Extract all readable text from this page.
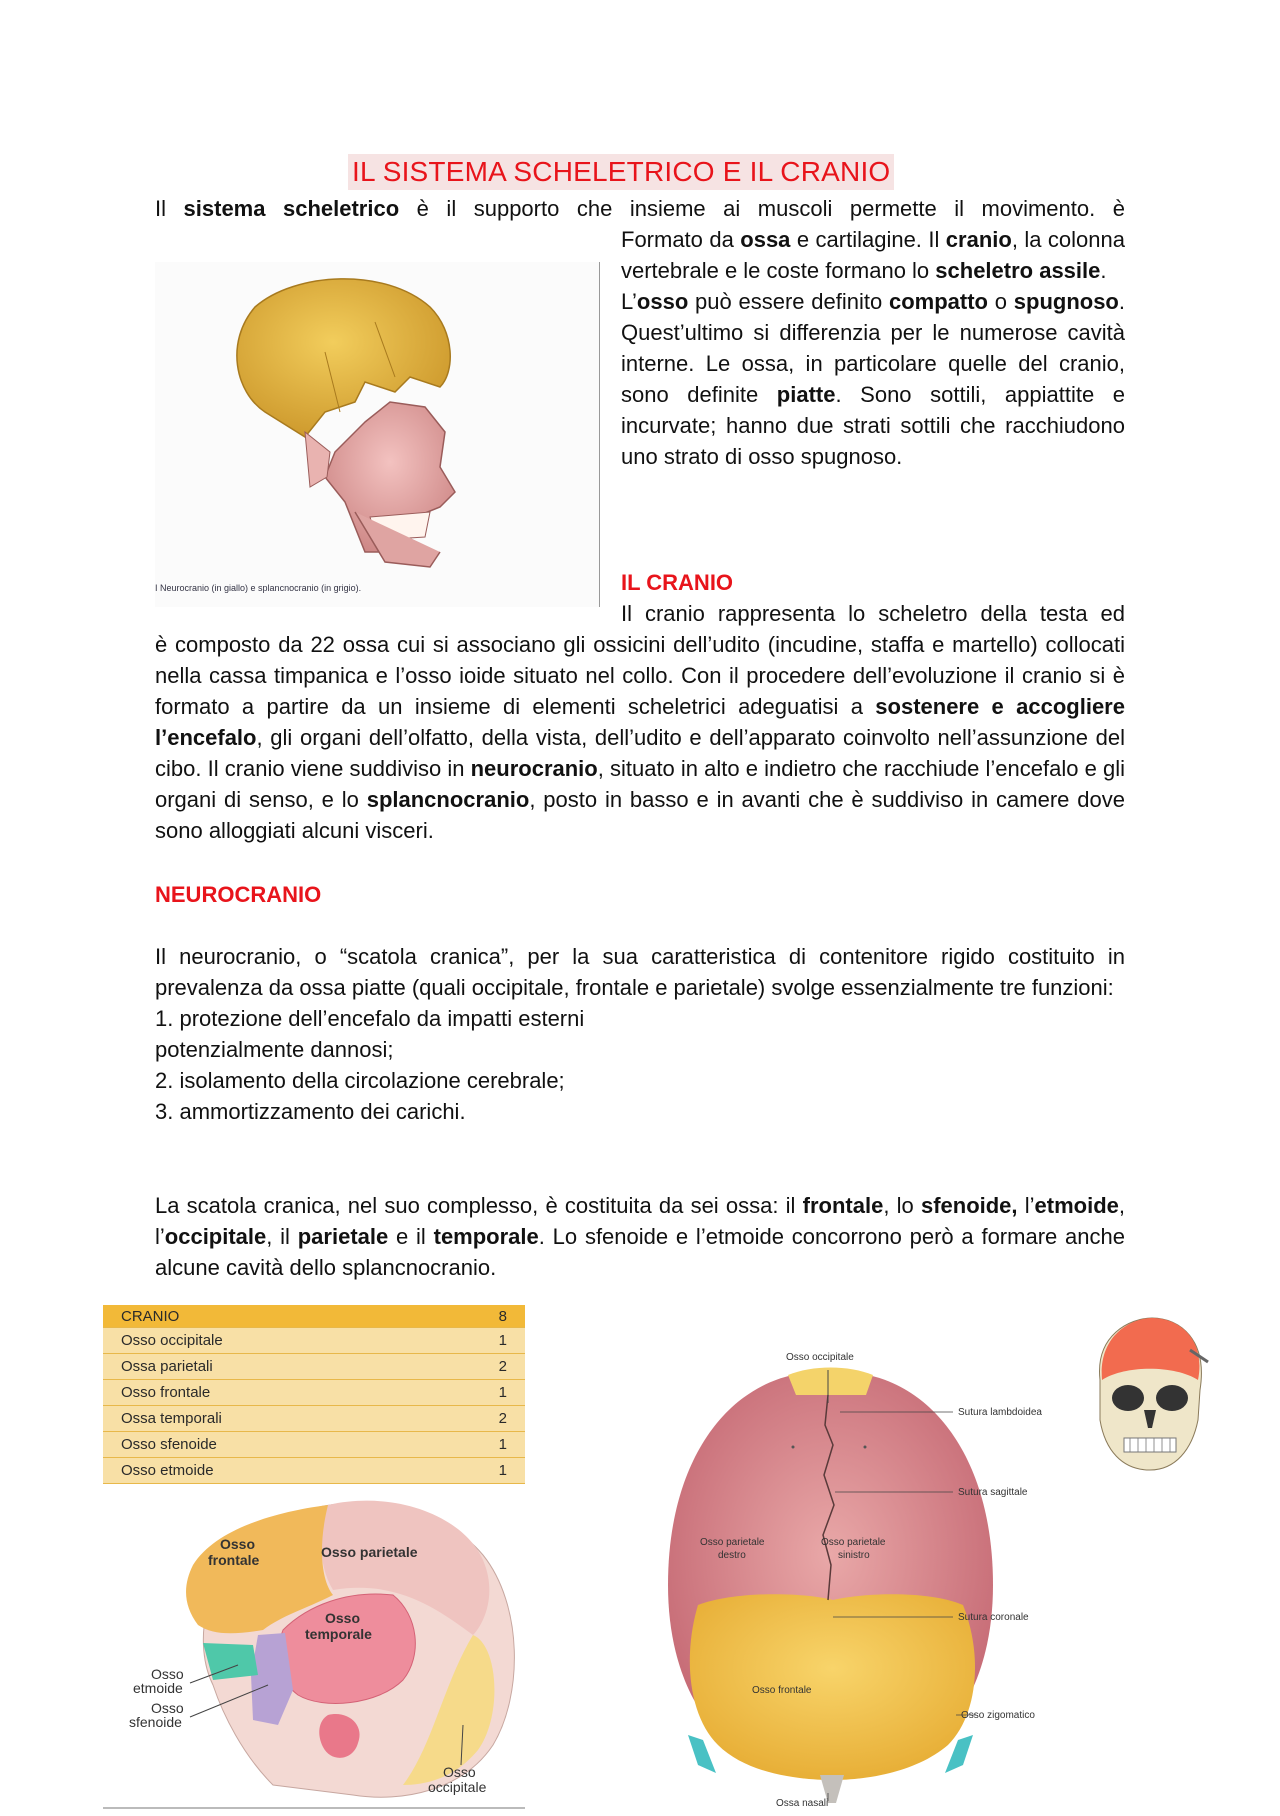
IL SISTEMA SCHELETRICO E IL CRANIO
Il sistema scheletrico è il supporto che insieme ai muscoli permette il movimento. è

Formato da ossa e cartilagine. Il cranio, la colonna vertebrale e le coste formano lo scheletro assile.

L’osso può essere definito compatto o spugnoso. Quest’ultimo si differenzia per le numerose cavità interne. Le ossa, in particolare quelle del cranio, sono definite piatte. Sono sottili, appiattite e incurvate; hanno due strati sottili che racchiudono uno strato di osso spugnoso.

I Neurocranio (in giallo) e splancnocranio (in grigio).	IL CRANIO
Il cranio rappresenta lo scheletro della testa ed

è composto da 22 ossa cui si associano gli ossicini dell’udito (incudine, staffa e martello) collocati nella cassa timpanica e l’osso ioide situato nel collo. Con il procedere dell’evoluzione il cranio si è formato a partire da un insieme di elementi scheletrici adeguatisi a sostenere e accogliere l’encefalo, gli organi dell’olfatto, della vista, dell’udito e dell’apparato coinvolto nell’assunzione del cibo. Il cranio viene suddiviso in neurocranio, situato in alto e indietro che racchiude l’encefalo e gli organi di senso, e lo splancnocranio, posto in basso e in avanti che è suddiviso in camere dove sono alloggiati alcuni visceri.

NEUROCRANIO

Il neurocranio, o “scatola cranica”, per la sua caratteristica di contenitore rigido costituito in prevalenza da ossa piatte (quali occipitale, frontale e parietale) svolge essenzialmente tre funzioni:

1. protezione dell’encefalo da impatti esterni
potenzialmente dannosi;
2. isolamento della circolazione cerebrale;
3. ammortizzamento dei carichi.
La scatola cranica, nel suo complesso, è costituita da sei ossa: il frontale, lo sfenoide, l’etmoide, l’occipitale, il parietale e il temporale. Lo sfenoide e l’etmoide concorrono però a formare anche alcune cavità dello splancnocranio.
CRANIO	8
Osso occipitale	1
Ossa parietali	2
Osso frontale	1
Ossa temporali	2
Osso sfenoide	1
Osso etmoide	1
Osso
frontale	Osso parietale
Osso
temporale
Osso
etmoide
Osso
sfenoide
Osso
occipitale
Osso occipitale
Sutura lambdoidea
Sutura sagittale
Osso parietale
destro
Osso parietale
sinistro
Sutura coronale
Osso frontale
Osso zigomatico
Ossa nasali
